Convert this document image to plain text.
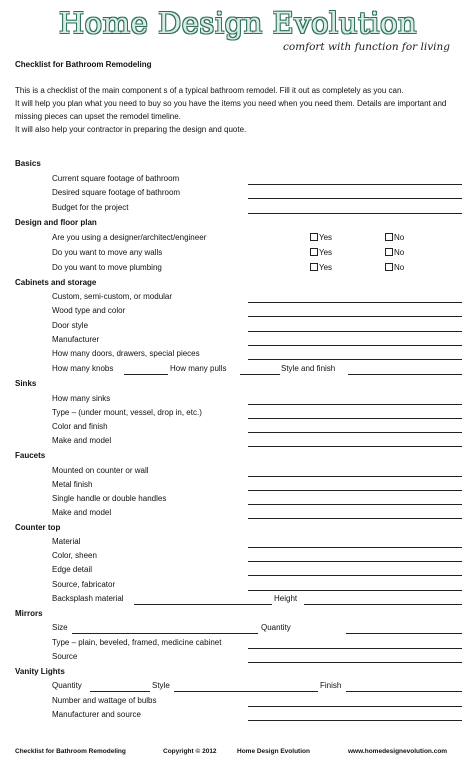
Home Design Evolution
comfort with function for living
Checklist for Bathroom Remodeling

This is a checklist of the main component s of a typical bathroom remodel. Fill it out as completely as you can.

It will help you plan what you need to buy so you have the items you need when you need them. Details are important and missing pieces can upset the remodel timeline.

It will also help your contractor in preparing the design and quote.

Basics
Current square footage of bathroom
Desired square footage of bathroom
Budget for the project
Design and floor plan
Are you using a designer/architect/engineer	Yes	No
Do you want to move any walls	Yes	No
Do you want to move plumbing	Yes	No
Cabinets and storage
Custom, semi-custom, or modular
Wood type and color
Door style
Manufacturer
How many doors, drawers, special pieces
How many knobs	How many pulls	Style and finish
Sinks
How many sinks
Type – (under mount, vessel, drop in, etc.)
Color and finish
Make and model
Faucets
Mounted on counter or wall
Metal finish
Single handle or double handles
Make and model
Counter top
Material
Color, sheen
Edge detail
Source, fabricator
Backsplash material	Height
Mirrors
Size	Quantity
Type – plain, beveled, framed, medicine cabinet
Source
Vanity Lights
Quantity	Style	Finish
Number and wattage of bulbs
Manufacturer and source
Checklist for Bathroom Remodeling	Copyright © 2012	Home Design Evolution	www.homedesignevolution.com
